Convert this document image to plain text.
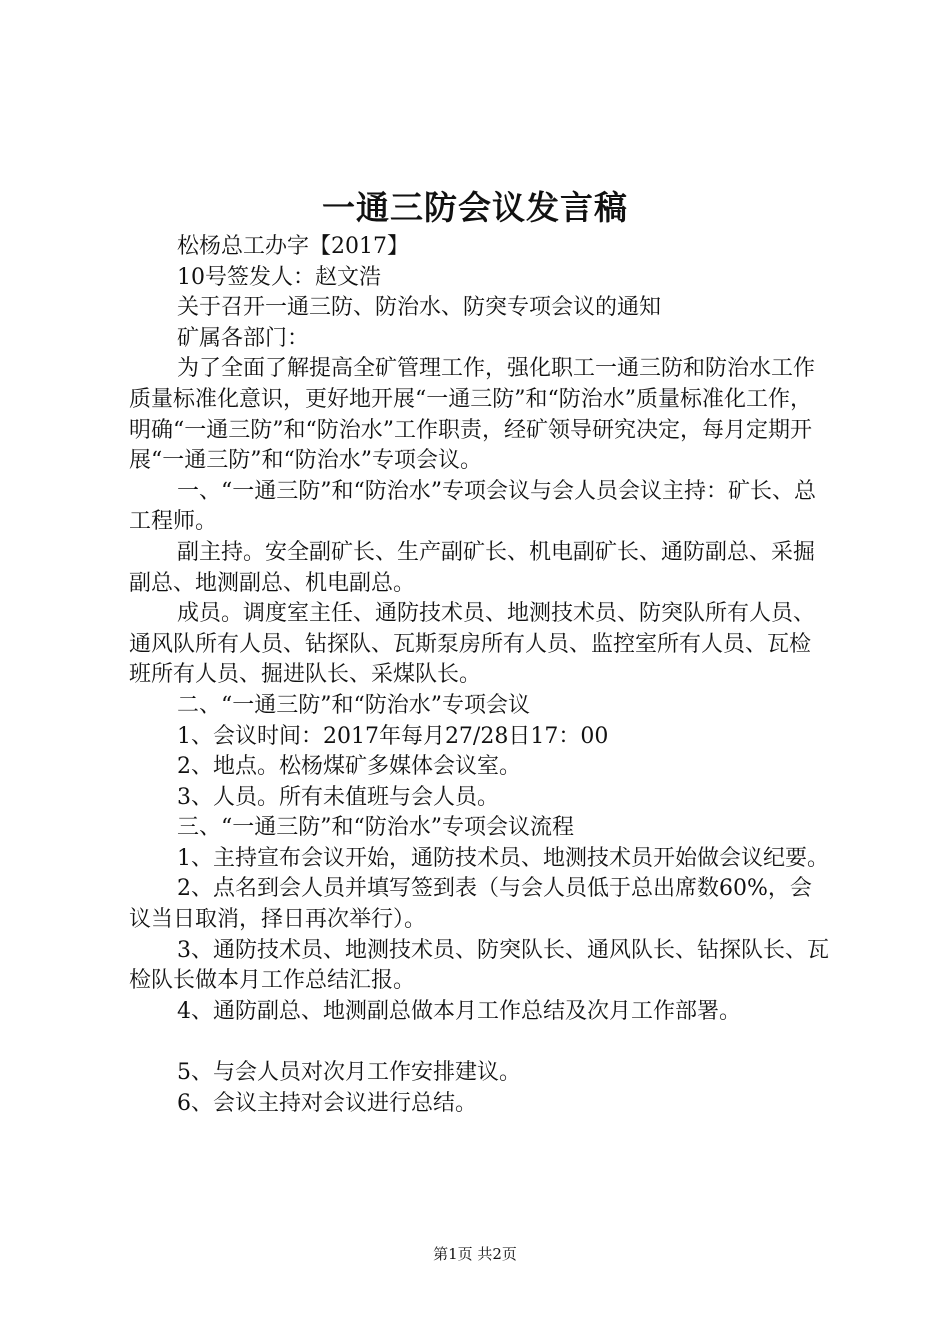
一通三防会议发言稿

松杨总工办字【2017】

10号签发人：赵文浩

关于召开一通三防、防治水、防突专项会议的通知

矿属各部门：

为了全面了解提高全矿管理工作，强化职工一通三防和防治水工作质量标准化意识，更好地开展“一通三防”和“防治水”质量标准化工作，明确“一通三防”和“防治水”工作职责，经矿领导研究决定，每月定期开展“一通三防”和“防治水”专项会议。

一、“一通三防”和“防治水”专项会议与会人员会议主持：矿长、总工程师。

副主持。安全副矿长、生产副矿长、机电副矿长、通防副总、采掘副总、地测副总、机电副总。

成员。调度室主任、通防技术员、地测技术员、防突队所有人员、通风队所有人员、钻探队、瓦斯泵房所有人员、监控室所有人员、瓦检班所有人员、掘进队长、采煤队长。

二、“一通三防”和“防治水”专项会议

1、会议时间：2017年每月27/28日17：00

2、地点。松杨煤矿多媒体会议室。

3、人员。所有未值班与会人员。

三、“一通三防”和“防治水”专项会议流程

1、主持宣布会议开始，通防技术员、地测技术员开始做会议纪要。

2、点名到会人员并填写签到表（与会人员低于总出席数60%，会议当日取消，择日再次举行）。

3、通防技术员、地测技术员、防突队长、通风队长、钻探队长、瓦检队长做本月工作总结汇报。

4、通防副总、地测副总做本月工作总结及次月工作部署。

5、与会人员对次月工作安排建议。

6、会议主持对会议进行总结。

第1页 共2页
